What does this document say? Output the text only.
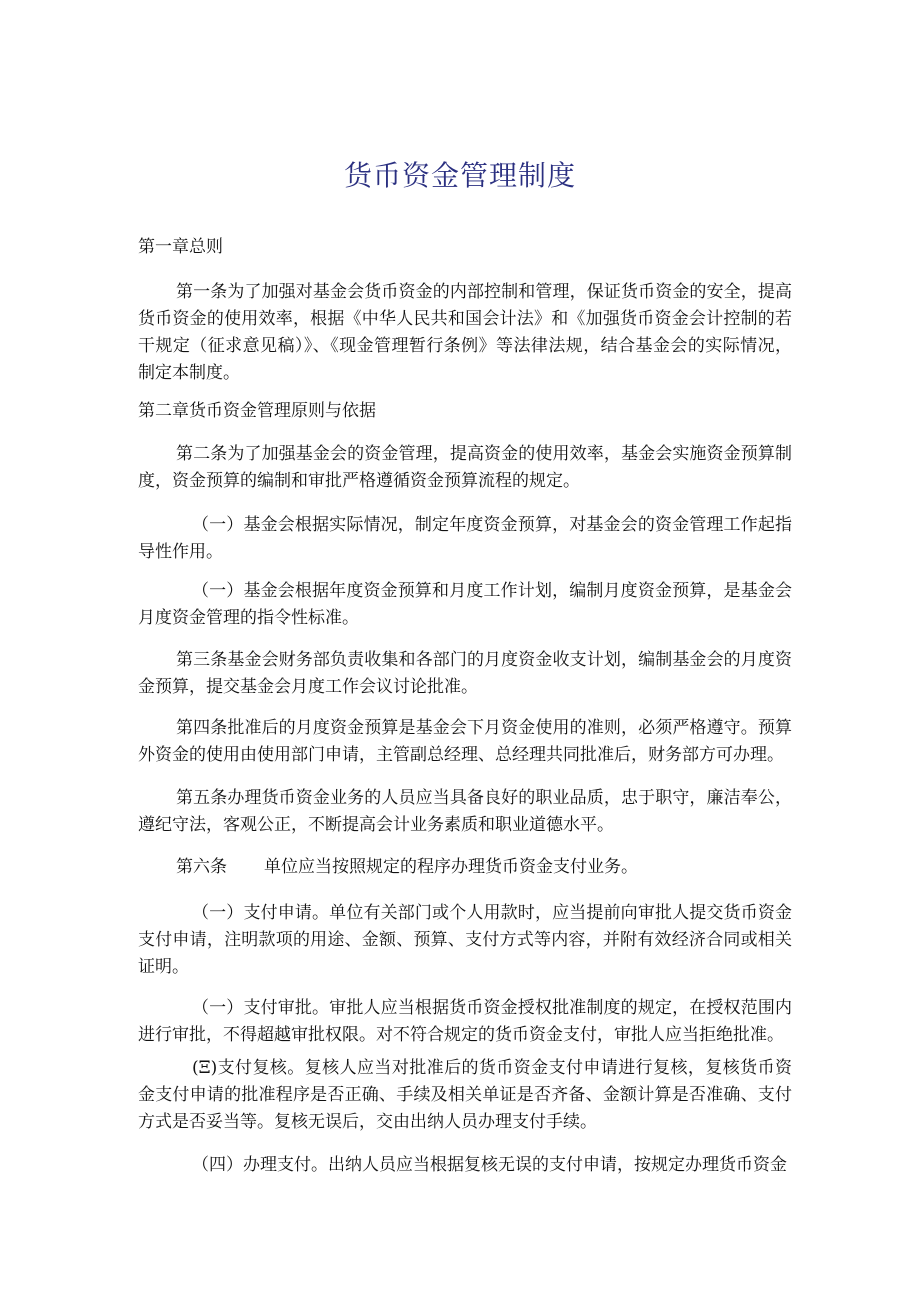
货币资金管理制度
第一章总则
第一条为了加强对基金会货币资金的内部控制和管理，保证货币资金的安全，提高货币资金的使用效率，根据《中华人民共和国会计法》和《加强货币资金会计控制的若干规定（征求意见稿）》、《现金管理暂行条例》等法律法规，结合基金会的实际情况，制定本制度。
第二章货币资金管理原则与依据
第二条为了加强基金会的资金管理，提高资金的使用效率，基金会实施资金预算制度，资金预算的编制和审批严格遵循资金预算流程的规定。
（一）基金会根据实际情况，制定年度资金预算，对基金会的资金管理工作起指导性作用。
（一）基金会根据年度资金预算和月度工作计划，编制月度资金预算，是基金会月度资金管理的指令性标准。
第三条基金会财务部负责收集和各部门的月度资金收支计划，编制基金会的月度资金预算，提交基金会月度工作会议讨论批准。
第四条批准后的月度资金预算是基金会下月资金使用的准则，必须严格遵守。预算外资金的使用由使用部门申请，主管副总经理、总经理共同批准后，财务部方可办理。
第五条办理货币资金业务的人员应当具备良好的职业品质，忠于职守，廉洁奉公，遵纪守法，客观公正，不断提高会计业务素质和职业道德水平。
第六条 单位应当按照规定的程序办理货币资金支付业务。
（一）支付申请。单位有关部门或个人用款时，应当提前向审批人提交货币资金支付申请，注明款项的用途、金额、预算、支付方式等内容，并附有效经济合同或相关证明。
（一）支付审批。审批人应当根据货币资金授权批准制度的规定，在授权范围内进行审批，不得超越审批权限。对不符合规定的货币资金支付，审批人应当拒绝批准。
(Ξ)支付复核。复核人应当对批准后的货币资金支付申请进行复核，复核货币资金支付申请的批准程序是否正确、手续及相关单证是否齐备、金额计算是否准确、支付方式是否妥当等。复核无误后，交由出纳人员办理支付手续。
（四）办理支付。出纳人员应当根据复核无误的支付申请，按规定办理货币资金
